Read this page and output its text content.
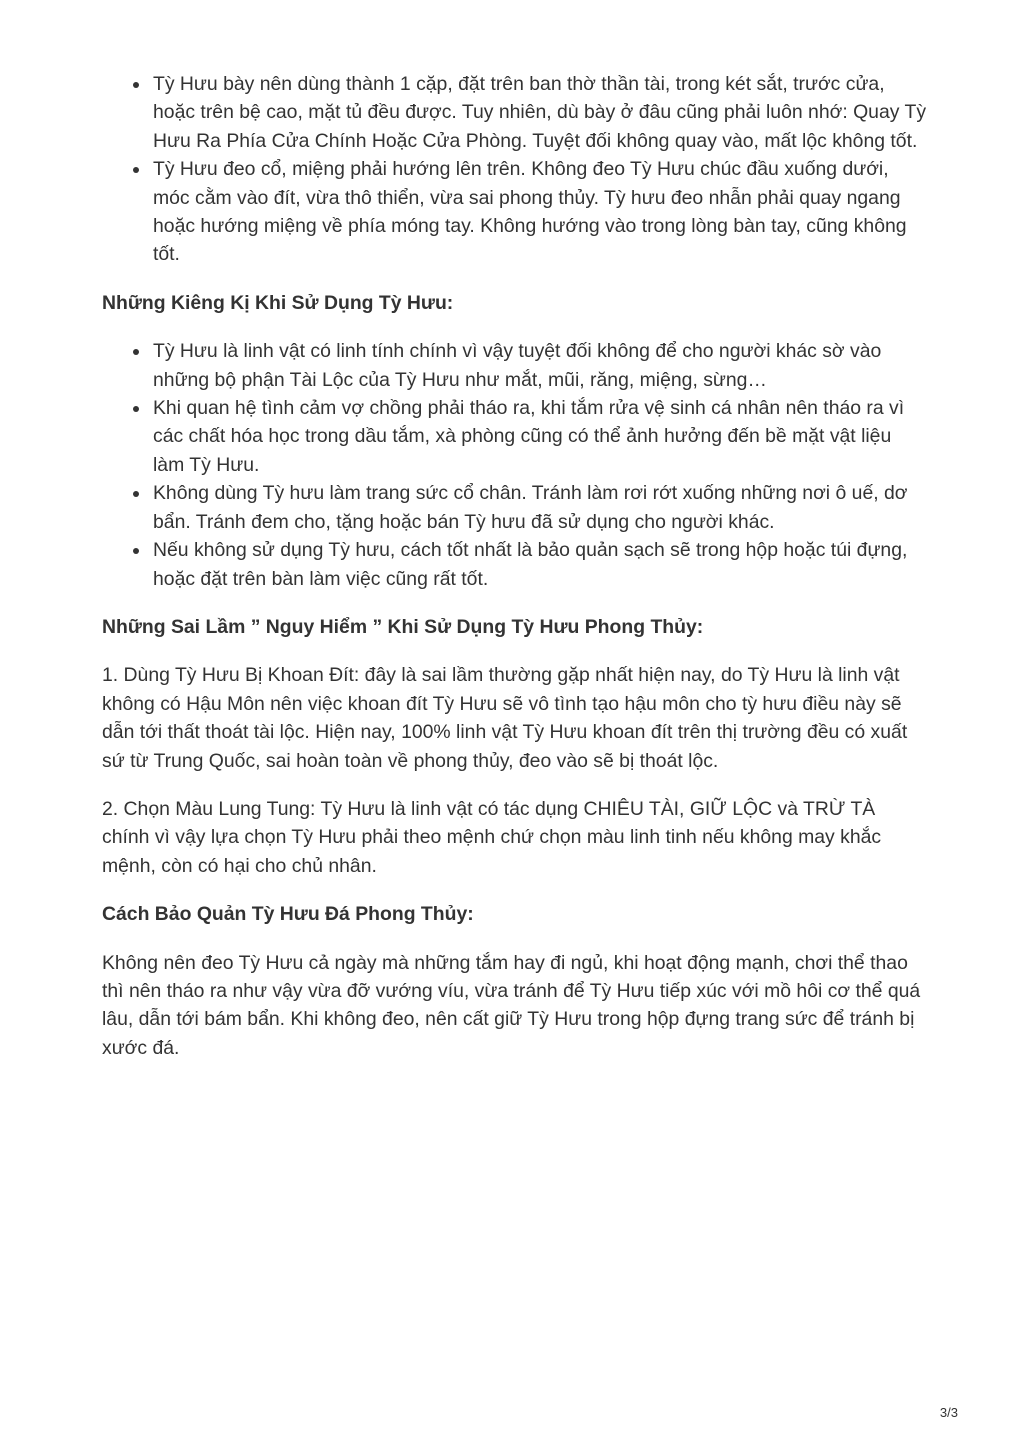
Tỳ Hưu bày nên dùng thành 1 cặp, đặt trên ban thờ thần tài, trong két sắt, trước cửa, hoặc trên bệ cao, mặt tủ đều được. Tuy nhiên, dù bày ở đâu cũng phải luôn nhớ: Quay Tỳ Hưu Ra Phía Cửa Chính Hoặc Cửa Phòng. Tuyệt đối không quay vào, mất lộc không tốt.
Tỳ Hưu đeo cổ, miệng phải hướng lên trên. Không đeo Tỳ Hưu chúc đầu xuống dưới, móc cằm vào đít, vừa thô thiển, vừa sai phong thủy. Tỳ hưu đeo nhẫn phải quay ngang hoặc hướng miệng về phía móng tay. Không hướng vào trong lòng bàn tay, cũng không tốt.
Những Kiêng Kị Khi Sử Dụng Tỳ Hưu:
Tỳ Hưu là linh vật có linh tính chính vì vậy tuyệt đối không để cho người khác sờ vào những bộ phận Tài Lộc của Tỳ Hưu như mắt, mũi, răng, miệng, sừng…
Khi quan hệ tình cảm vợ chồng phải tháo ra, khi tắm rửa vệ sinh cá nhân nên tháo ra vì các chất hóa học trong dầu tắm, xà phòng cũng có thể ảnh hưởng đến bề mặt vật liệu làm Tỳ Hưu.
Không dùng Tỳ hưu làm trang sức cổ chân. Tránh làm rơi rớt xuống những nơi ô uế, dơ bẩn. Tránh đem cho, tặng hoặc bán Tỳ hưu đã sử dụng cho người khác.
Nếu không sử dụng Tỳ hưu, cách tốt nhất là bảo quản sạch sẽ trong hộp hoặc túi đựng, hoặc đặt trên bàn làm việc cũng rất tốt.
Những Sai Lầm ” Nguy Hiểm ” Khi Sử Dụng Tỳ Hưu Phong Thủy:

1. Dùng Tỳ Hưu Bị Khoan Đít: đây là sai lầm thường gặp nhất hiện nay, do Tỳ Hưu là linh vật không có Hậu Môn nên việc khoan đít Tỳ Hưu sẽ vô tình tạo hậu môn cho tỳ hưu điều này sẽ dẫn tới thất thoát tài lộc. Hiện nay, 100% linh vật Tỳ Hưu khoan đít trên thị trường đều có xuất sứ từ Trung Quốc, sai hoàn toàn về phong thủy, đeo vào sẽ bị thoát lộc.

2. Chọn Màu Lung Tung: Tỳ Hưu là linh vật có tác dụng CHIÊU TÀI, GIỮ LỘC và TRỪ TÀ chính vì vậy lựa chọn Tỳ Hưu phải theo mệnh chứ chọn màu linh tinh nếu không may khắc mệnh, còn có hại cho chủ nhân.

Cách Bảo Quản Tỳ Hưu Đá Phong Thủy:

Không nên đeo Tỳ Hưu cả ngày mà những tắm hay đi ngủ, khi hoạt động mạnh, chơi thể thao thì nên tháo ra như vậy vừa đỡ vướng víu, vừa tránh để Tỳ Hưu tiếp xúc với mồ hôi cơ thể quá lâu, dẫn tới bám bẩn. Khi không đeo, nên cất giữ Tỳ Hưu trong hộp đựng trang sức để tránh bị xước đá.

3/3
